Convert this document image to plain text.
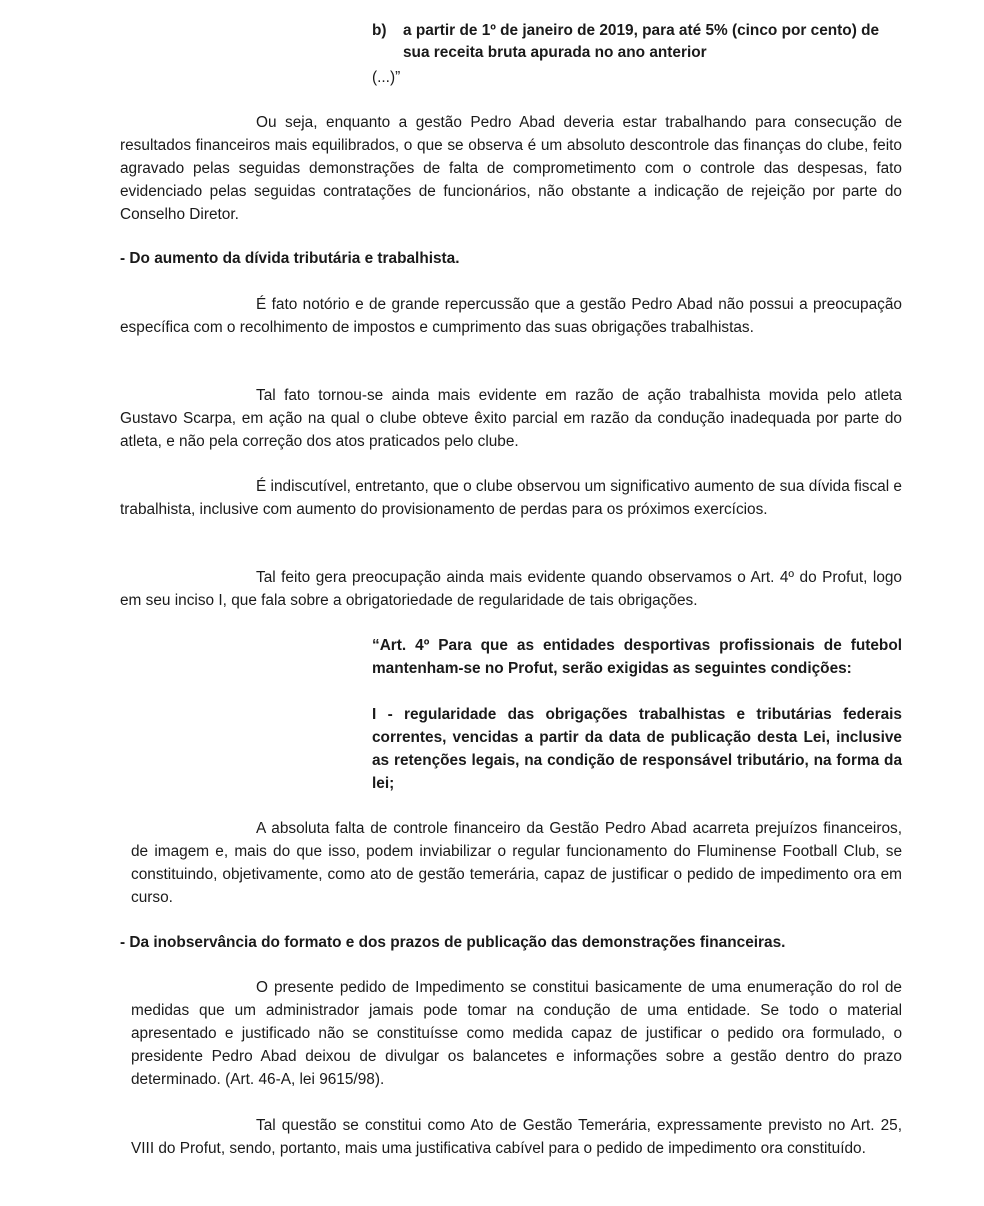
b)	a partir de 1º de janeiro de 2019, para até 5% (cinco por cento) de sua receita bruta apurada no ano anterior

(...)”

Ou seja, enquanto a gestão Pedro Abad deveria estar trabalhando para consecução de resultados financeiros mais equilibrados, o que se observa é um absoluto descontrole das finanças do clube, feito agravado pelas seguidas demonstrações de falta de comprometimento com o controle das despesas, fato evidenciado pelas seguidas contratações de funcionários, não obstante a indicação de rejeição por parte do Conselho Diretor.

- Do aumento da dívida tributária e trabalhista.

É fato notório e de grande repercussão que a gestão Pedro Abad não possui a preocupação específica com o recolhimento de impostos e cumprimento das suas obrigações trabalhistas.

Tal fato tornou-se ainda mais evidente em razão de ação trabalhista movida pelo atleta Gustavo Scarpa, em ação na qual o clube obteve êxito parcial em razão da condução inadequada por parte do atleta, e não pela correção dos atos praticados pelo clube.

É indiscutível, entretanto, que o clube observou um significativo aumento de sua dívida fiscal e trabalhista, inclusive com aumento do provisionamento de perdas para os próximos exercícios.

Tal feito gera preocupação ainda mais evidente quando observamos o Art. 4º do Profut, logo em seu inciso I, que fala sobre a obrigatoriedade de regularidade de tais obrigações.

“Art. 4º Para que as entidades desportivas profissionais de futebol mantenham-se no Profut, serão exigidas as seguintes condições:

I - regularidade das obrigações trabalhistas e tributárias federais correntes, vencidas a partir da data de publicação desta Lei, inclusive as retenções legais, na condição de responsável tributário, na forma da lei;

A absoluta falta de controle financeiro da Gestão Pedro Abad acarreta prejuízos financeiros, de imagem e, mais do que isso, podem inviabilizar o regular funcionamento do Fluminense Football Club, se constituindo, objetivamente, como ato de gestão temerária, capaz de justificar o pedido de impedimento ora em curso.

- Da inobservância do formato e dos prazos de publicação das demonstrações financeiras.

O presente pedido de Impedimento se constitui basicamente de uma enumeração do rol de medidas que um administrador jamais pode tomar na condução de uma entidade. Se todo o material apresentado e justificado não se constituísse como medida capaz de justificar o pedido ora formulado, o presidente Pedro Abad deixou de divulgar os balancetes e informações sobre a gestão dentro do prazo determinado. (Art. 46-A, lei 9615/98).

Tal questão se constitui como Ato de Gestão Temerária, expressamente previsto no Art. 25, VIII do Profut, sendo, portanto, mais uma justificativa cabível para o pedido de impedimento ora constituído.
